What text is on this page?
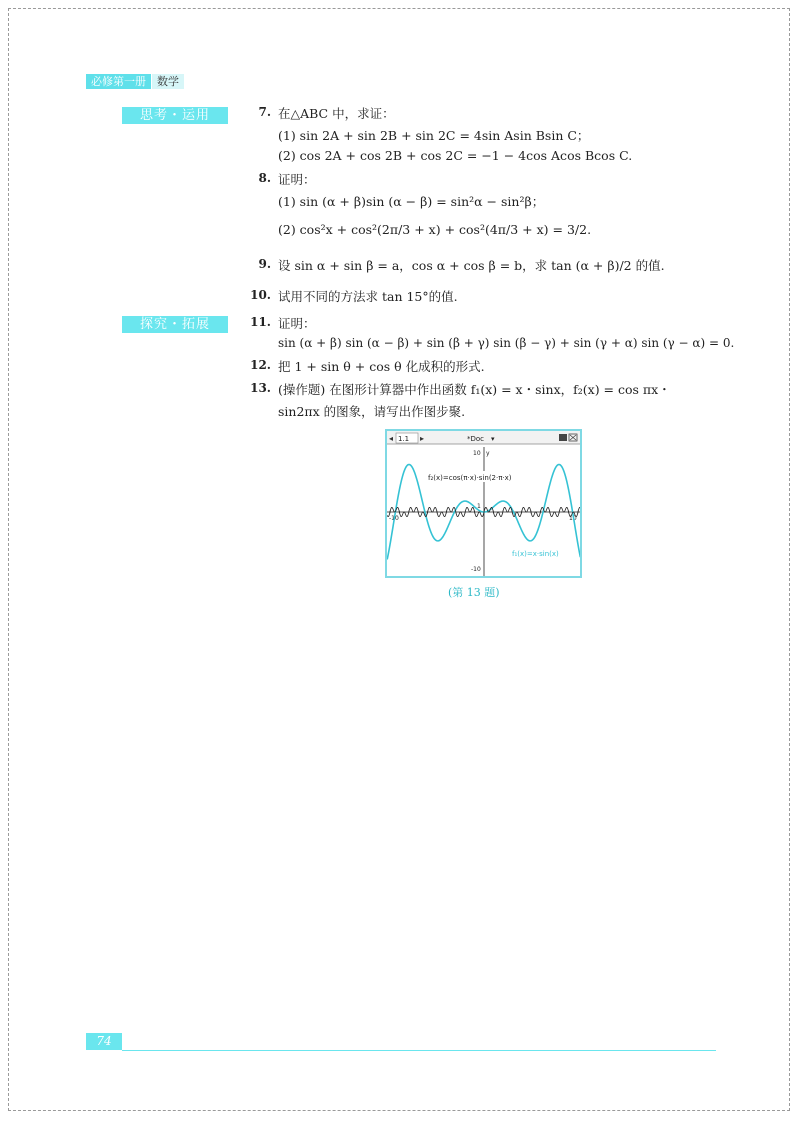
必修第一册	数学
思考・运用
探究・拓展
7. 在△ABC 中，求证：
(1) sin 2A + sin 2B + sin 2C = 4sin Asin Bsin C；
(2) cos 2A + cos 2B + cos 2C = −1 − 4cos Acos Bcos C.
8. 证明：
(1) sin (α + β)sin (α − β) = sin²α − sin²β；
(2) cos²x + cos²(2π/3 + x) + cos²(4π/3 + x) = 3/2.
9. 设 sin α + sin β = a，cos α + cos β = b，求 tan (α + β)/2 的值.
10. 试用不同的方法求 tan 15°的值.
11. 证明：
sin (α + β) sin (α − β) + sin (β + γ) sin (β − γ) + sin (γ + α) sin (γ − α) = 0.
12. 把 1 + sin θ + cos θ 化成积的形式.
13. (操作题) 在图形计算器中作出函数 f₁(x) = x・sinx，f₂(x) = cos πx・
sin2πx 的图象，请写出作图步聚.
◂ 1.1 ▸	*Doc ▾
y
10
-10
-10	10
1
f₂(x)=cos(π·x)·sin(2·π·x)
f₁(x)=x·sin(x)
(第 13 题)
74
